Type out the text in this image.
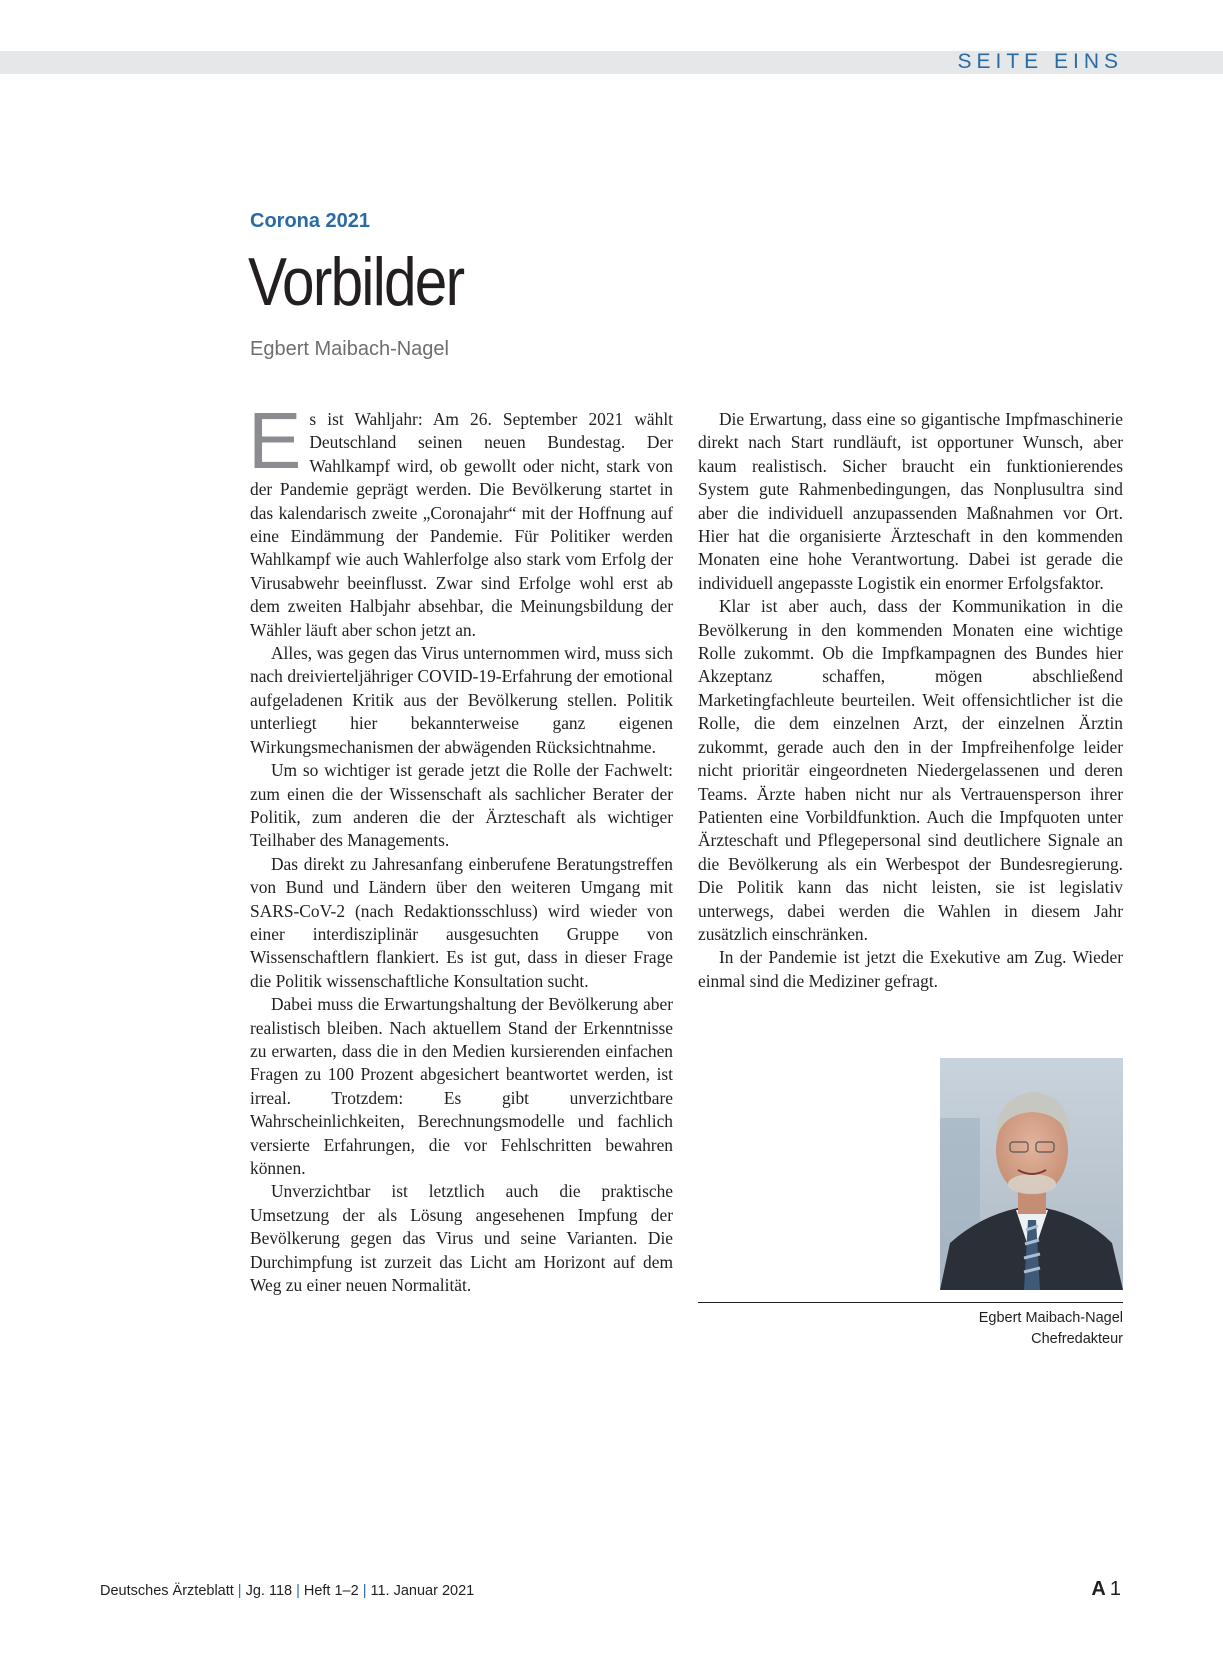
SEITE EINS
Corona 2021
Vorbilder
Egbert Maibach-Nagel

Es ist Wahljahr: Am 26. September 2021 wählt Deutschland seinen neuen Bundestag. Der Wahlkampf wird, ob gewollt oder nicht, stark von der Pandemie geprägt werden. Die Bevölkerung startet in das kalendarisch zweite „Coronajahr“ mit der Hoffnung auf eine Eindämmung der Pandemie. Für Politiker werden Wahlkampf wie auch Wahlerfolge also stark vom Erfolg der Virusabwehr beeinflusst. Zwar sind Erfolge wohl erst ab dem zweiten Halbjahr absehbar, die Meinungsbildung der Wähler läuft aber schon jetzt an.

Alles, was gegen das Virus unternommen wird, muss sich nach dreivierteljähriger COVID-19-Erfahrung der emotional aufgeladenen Kritik aus der Bevölkerung stellen. Politik unterliegt hier bekannterweise ganz eigenen Wirkungsmechanismen der abwägenden Rücksichtnahme.

Um so wichtiger ist gerade jetzt die Rolle der Fachwelt: zum einen die der Wissenschaft als sachlicher Berater der Politik, zum anderen die der Ärzteschaft als wichtiger Teilhaber des Managements.

Das direkt zu Jahresanfang einberufene Beratungstreffen von Bund und Ländern über den weiteren Umgang mit SARS-CoV-2 (nach Redaktionsschluss) wird wieder von einer interdisziplinär ausgesuchten Gruppe von Wissenschaftlern flankiert. Es ist gut, dass in dieser Frage die Politik wissenschaftliche Konsultation sucht.

Dabei muss die Erwartungshaltung der Bevölkerung aber realistisch bleiben. Nach aktuellem Stand der Erkenntnisse zu erwarten, dass die in den Medien kursierenden einfachen Fragen zu 100 Prozent abgesichert beantwortet werden, ist irreal. Trotzdem: Es gibt unverzichtbare Wahrscheinlichkeiten, Berechnungsmodelle und fachlich versierte Erfahrungen, die vor Fehlschritten bewahren können.

Unverzichtbar ist letztlich auch die praktische Umsetzung der als Lösung angesehenen Impfung der Bevölkerung gegen das Virus und seine Varianten. Die Durchimpfung ist zurzeit das Licht am Horizont auf dem Weg zu einer neuen Normalität.

Die Erwartung, dass eine so gigantische Impfmaschinerie direkt nach Start rundläuft, ist opportuner Wunsch, aber kaum realistisch. Sicher braucht ein funktionierendes System gute Rahmenbedingungen, das Nonplusultra sind aber die individuell anzupassenden Maßnahmen vor Ort. Hier hat die organisierte Ärzteschaft in den kommenden Monaten eine hohe Verantwortung. Dabei ist gerade die individuell angepasste Logistik ein enormer Erfolgsfaktor.

Klar ist aber auch, dass der Kommunikation in die Bevölkerung in den kommenden Monaten eine wichtige Rolle zukommt. Ob die Impfkampagnen des Bundes hier Akzeptanz schaffen, mögen abschließend Marketingfachleute beurteilen. Weit offensichtlicher ist die Rolle, die dem einzelnen Arzt, der einzelnen Ärztin zukommt, gerade auch den in der Impfreihenfolge leider nicht prioritär eingeordneten Niedergelassenen und deren Teams. Ärzte haben nicht nur als Vertrauensperson ihrer Patienten eine Vorbildfunktion. Auch die Impfquoten unter Ärzteschaft und Pflegepersonal sind deutlichere Signale an die Bevölkerung als ein Werbespot der Bundesregierung. Die Politik kann das nicht leisten, sie ist legislativ unterwegs, dabei werden die Wahlen in diesem Jahr zusätzlich einschränken.

In der Pandemie ist jetzt die Exekutive am Zug. Wieder einmal sind die Mediziner gefragt.

Egbert Maibach-Nagel
Chefredakteur
Deutsches Ärzteblatt | Jg. 118 | Heft 1–2 | 11. Januar 2021	A 1
